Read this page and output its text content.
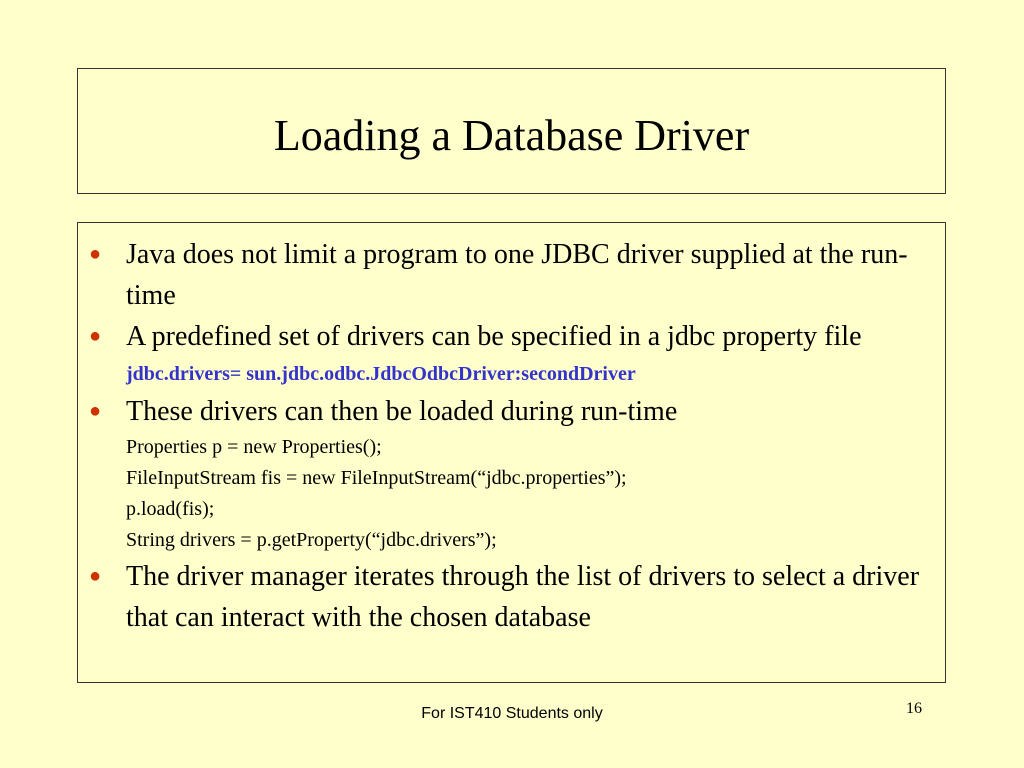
Loading a Database Driver
● Java does not limit a program to one JDBC driver supplied at the run-time
● A predefined set of drivers can be specified in a jdbc property file
jdbc.drivers= sun.jdbc.odbc.JdbcOdbcDriver:secondDriver
● These drivers can then be loaded during run-time
Properties p = new Properties();
FileInputStream fis = new FileInputStream(“jdbc.properties”);
p.load(fis);
String drivers = p.getProperty(“jdbc.drivers”);
● The driver manager iterates through the list of drivers to select a driver that can interact with the chosen database
For IST410 Students only	16
